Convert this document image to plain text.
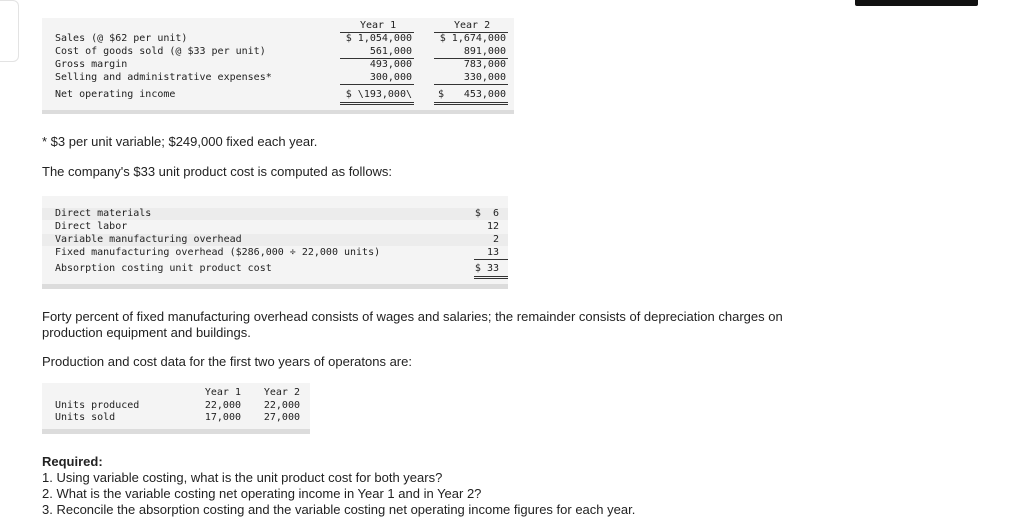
Year 1	Year 2
Sales (@ $62 per unit)	$ 1,054,000	$ 1,674,000
Cost of goods sold (@ $33 per unit)	561,000	891,000
Gross margin	493,000	783,000
Selling and administrative expenses*	300,000	330,000
Net operating income	$ \193,000\	$ 453,000
* $3 per unit variable; $249,000 fixed each year.
The company's $33 unit product cost is computed as follows:
Direct materials	$  6
Direct labor	12
Variable manufacturing overhead	2
Fixed manufacturing overhead ($286,000 ÷ 22,000 units)	13
Absorption costing unit product cost	$ 33
Forty percent of fixed manufacturing overhead consists of wages and salaries; the remainder consists of depreciation charges on production equipment and buildings.
Production and cost data for the first two years of operatons are:
Year 1 Year 2
Units produced	22,000 22,000
Units sold	17,000 27,000
Required:
1. Using variable costing, what is the unit product cost for both years?
2. What is the variable costing net operating income in Year 1 and in Year 2?
3. Reconcile the absorption costing and the variable costing net operating income figures for each year.
